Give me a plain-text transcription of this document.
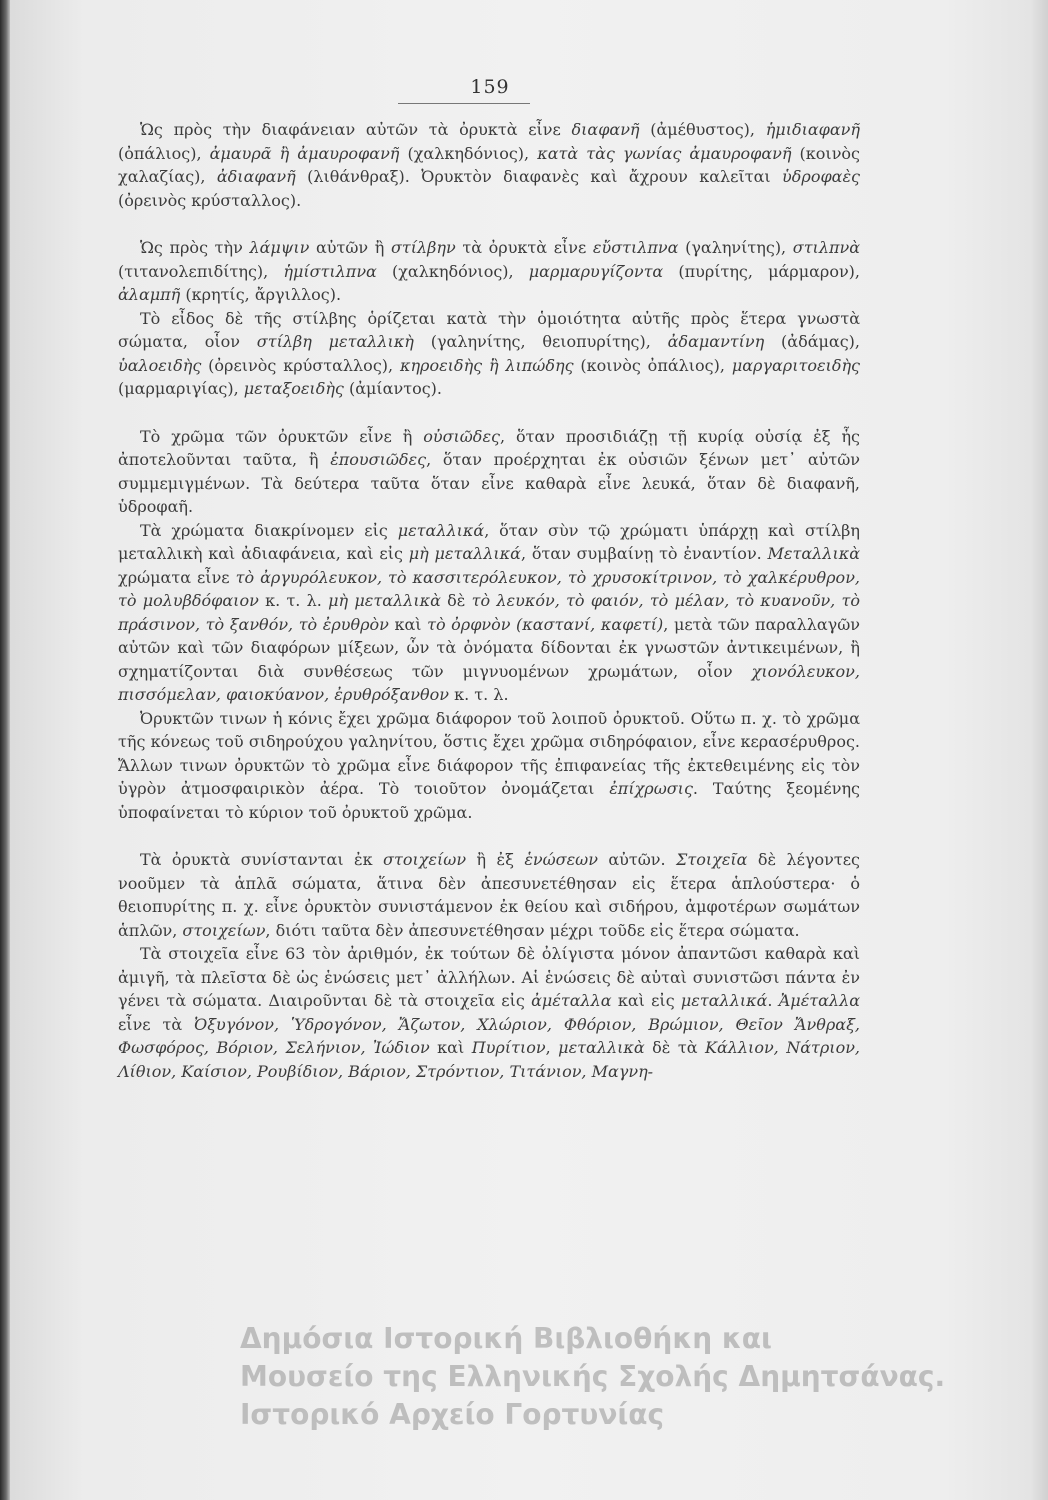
159

Ὡς πρὸς τὴν διαφάνειαν αὐτῶν τὰ ὀρυκτὰ εἶνε διαφανῆ (ἀμέθυστος), ἡμιδιαφανῆ (ὀπάλιος), ἀμαυρᾶ ἢ ἀμαυροφανῆ (χαλκηδόνιος), κατὰ τὰς γωνίας ἀμαυροφανῆ (κοινὸς χαλαζίας), ἀδιαφανῆ (λιθάνθραξ). Ὀρυκτὸν διαφανὲς καὶ ἄχρουν καλεῖται ὑδροφαὲς (ὀρεινὸς κρύσταλλος).

Ὡς πρὸς τὴν λάμψιν αὐτῶν ἢ στίλβην τὰ ὀρυκτὰ εἶνε εὔστιλπνα (γαληνίτης), στιλπνὰ (τιτανολεπιδίτης), ἡμίστιλπνα (χαλκηδόνιος), μαρμαρυγίζοντα (πυρίτης, μάρμαρον), ἀλαμπῆ (κρητίς, ἄργιλλος).

Τὸ εἶδος δὲ τῆς στίλβης ὁρίζεται κατὰ τὴν ὁμοιότητα αὐτῆς πρὸς ἕτερα γνωστὰ σώματα, οἷον στίλβη μεταλλικὴ (γαληνίτης, θειοπυρίτης), ἀδαμαντίνη (ἀδάμας), ὑαλοειδὴς (ὀρεινὸς κρύσταλλος), κηροειδὴς ἢ λιπώδης (κοινὸς ὀπάλιος), μαργαριτοειδὴς (μαρμαριγίας), μεταξοειδὴς (ἀμίαντος).

Τὸ χρῶμα τῶν ὀρυκτῶν εἶνε ἢ οὐσιῶδες, ὅταν προσιδιάζῃ τῇ κυρίᾳ οὐσίᾳ ἐξ ἧς ἀποτελοῦνται ταῦτα, ἢ ἐπουσιῶδες, ὅταν προέρχηται ἐκ οὐσιῶν ξένων μετ᾽ αὐτῶν συμμεμιγμένων. Τὰ δεύτερα ταῦτα ὅταν εἶνε καθαρὰ εἶνε λευκά, ὅταν δὲ διαφανῆ, ὑδροφαῆ.

Τὰ χρώματα διακρίνομεν εἰς μεταλλικά, ὅταν σὺν τῷ χρώματι ὑπάρχῃ καὶ στίλβη μεταλλικὴ καὶ ἀδιαφάνεια, καὶ εἰς μὴ μεταλλικά, ὅταν συμβαίνῃ τὸ ἐναντίον. Μεταλλικὰ χρώματα εἶνε τὸ ἀργυρόλευκον, τὸ κασσιτερόλευκον, τὸ χρυσοκίτρινον, τὸ χαλκέρυθρον, τὸ μολυβδόφαιον κ. τ. λ. μὴ μεταλλικὰ δὲ τὸ λευκόν, τὸ φαιόν, τὸ μέλαν, τὸ κυανοῦν, τὸ πράσινον, τὸ ξανθόν, τὸ ἐρυθρὸν καὶ τὸ ὀρφνὸν (καστανί, καφετί), μετὰ τῶν παραλλαγῶν αὐτῶν καὶ τῶν διαφόρων μίξεων, ὧν τὰ ὀνόματα δίδονται ἐκ γνωστῶν ἀντικειμένων, ἢ σχηματίζονται διὰ συνθέσεως τῶν μιγνυομένων χρωμάτων, οἷον χιονόλευκον, πισσόμελαν, φαιοκύανον, ἐρυθρόξανθον κ. τ. λ.

Ὀρυκτῶν τινων ἡ κόνις ἔχει χρῶμα διάφορον τοῦ λοιποῦ ὀρυκτοῦ. Οὕτω π. χ. τὸ χρῶμα τῆς κόνεως τοῦ σιδηρούχου γαληνίτου, ὅστις ἔχει χρῶμα σιδηρόφαιον, εἶνε κερασέρυθρος. Ἄλλων τινων ὀρυκτῶν τὸ χρῶμα εἶνε διάφορον τῆς ἐπιφανείας τῆς ἐκτεθειμένης εἰς τὸν ὑγρὸν ἀτμοσφαιρικὸν ἀέρα. Τὸ τοιοῦτον ὀνομάζεται ἐπίχρωσις. Ταύτης ξεομένης ὑποφαίνεται τὸ κύριον τοῦ ὀρυκτοῦ χρῶμα.

Τὰ ὀρυκτὰ συνίστανται ἐκ στοιχείων ἢ ἐξ ἑνώσεων αὐτῶν. Στοιχεῖα δὲ λέγοντες νοοῦμεν τὰ ἁπλᾶ σώματα, ἅτινα δὲν ἀπεσυνετέθησαν εἰς ἕτερα ἁπλούστερα· ὁ θειοπυρίτης π. χ. εἶνε ὀρυκτὸν συνιστάμενον ἐκ θείου καὶ σιδήρου, ἀμφοτέρων σωμάτων ἁπλῶν, στοιχείων, διότι ταῦτα δὲν ἀπεσυνετέθησαν μέχρι τοῦδε εἰς ἕτερα σώματα.

Τὰ στοιχεῖα εἶνε 63 τὸν ἀριθμόν, ἐκ τούτων δὲ ὀλίγιστα μόνον ἀπαντῶσι καθαρὰ καὶ ἀμιγῆ, τὰ πλεῖστα δὲ ὡς ἑνώσεις μετ᾽ ἀλλήλων. Αἱ ἑνώσεις δὲ αὐταὶ συνιστῶσι πάντα ἐν γένει τὰ σώματα. Διαιροῦνται δὲ τὰ στοιχεῖα εἰς ἀμέταλλα καὶ εἰς μεταλλικά. Ἀμέταλλα εἶνε τὰ Ὀξυγόνον, Ὑδρογόνον, Ἄζωτον, Χλώριον, Φθόριον, Βρώμιον, Θεῖον Ἄνθραξ, Φωσφόρος, Βόριον, Σελήνιον, Ἰώδιον καὶ Πυρίτιον, μεταλλικὰ δὲ τὰ Κάλλιον, Νάτριον, Λίθιον, Καίσιον, Ρουβίδιον, Βάριον, Στρόντιον, Τιτάνιον, Μαγνη-

Δημόσια Ιστορική Βιβλιοθήκη και
Μουσείο της Ελληνικής Σχολής Δημητσάνας.
Ιστορικό Αρχείο Γορτυνίας
